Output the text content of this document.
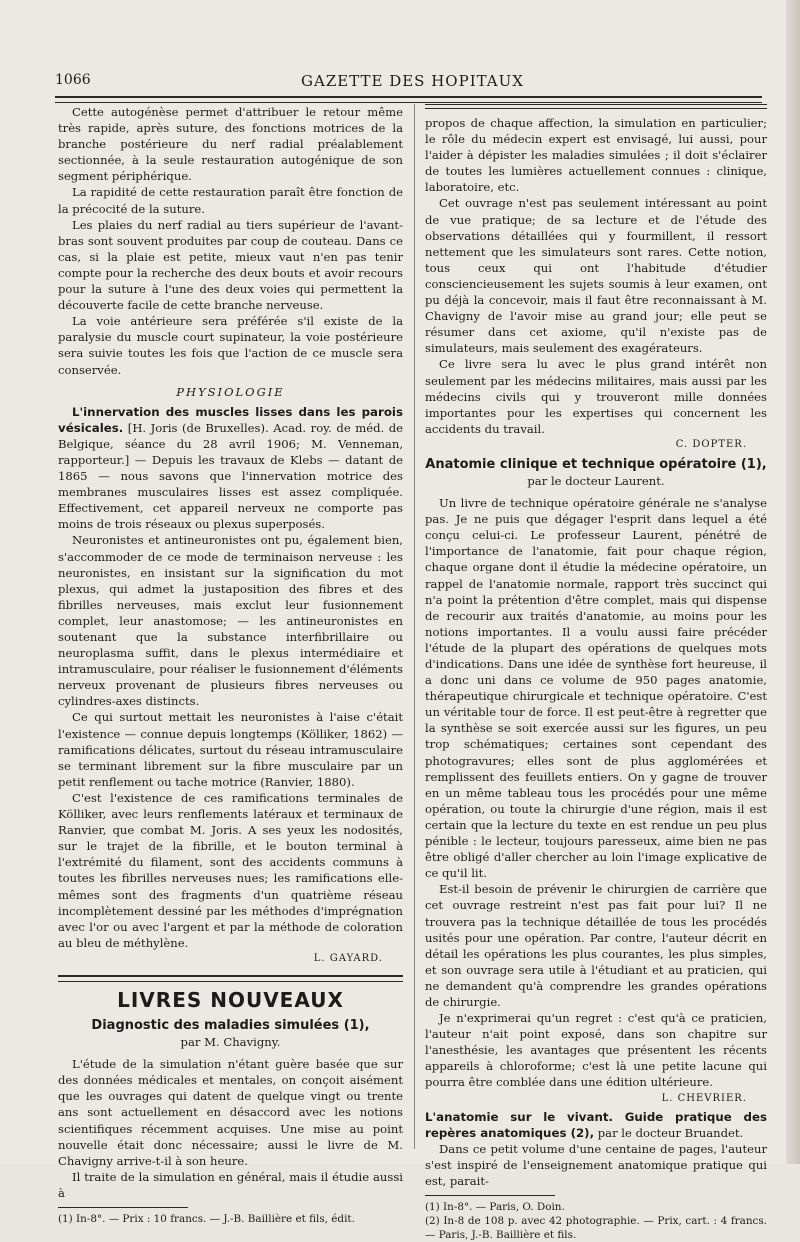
1066	GAZETTE DES HOPITAUX

Cette autogénèse permet d'attribuer le retour même très rapide, après suture, des fonctions motrices de la branche postérieure du nerf radial préalablement sectionnée, à la seule restauration autogénique de son segment périphérique.

La rapidité de cette restauration paraît être fonction de la précocité de la suture.

Les plaies du nerf radial au tiers supérieur de l'avant-bras sont souvent produites par coup de couteau. Dans ce cas, si la plaie est petite, mieux vaut n'en pas tenir compte pour la recherche des deux bouts et avoir recours pour la suture à l'une des deux voies qui permettent la découverte facile de cette branche nerveuse.

La voie antérieure sera préférée s'il existe de la paralysie du muscle court supinateur, la voie postérieure sera suivie toutes les fois que l'action de ce muscle sera conservée.

PHYSIOLOGIE

L'innervation des muscles lisses dans les parois vésicales. [H. Joris (de Bruxelles). Acad. roy. de méd. de Belgique, séance du 28 avril 1906; M. Venneman, rapporteur.] — Depuis les travaux de Klebs — datant de 1865 — nous savons que l'innervation motrice des membranes musculaires lisses est assez compliquée. Effectivement, cet appareil nerveux ne comporte pas moins de trois réseaux ou plexus superposés.

Neuronistes et antineuronistes ont pu, également bien, s'accommoder de ce mode de terminaison nerveuse : les neuronistes, en insistant sur la signification du mot plexus, qui admet la justaposition des fibres et des fibrilles nerveuses, mais exclut leur fusionnement complet, leur anastomose; — les antineuronistes en soutenant que la substance interfibrillaire ou neuroplasma suffit, dans le plexus intermédiaire et intramusculaire, pour réaliser le fusionnement d'éléments nerveux provenant de plusieurs fibres nerveuses ou cylindres-axes distincts.

Ce qui surtout mettait les neuronistes à l'aise c'était l'existence — connue depuis longtemps (Kölliker, 1862) — ramifications délicates, surtout du réseau intramusculaire se terminant librement sur la fibre musculaire par un petit renflement ou tache motrice (Ranvier, 1880).

C'est l'existence de ces ramifications terminales de Kölliker, avec leurs renflements latéraux et terminaux de Ranvier, que combat M. Joris. A ses yeux les nodosités, sur le trajet de la fibrille, et le bouton terminal à l'extrémité du filament, sont des accidents communs à toutes les fibrilles nerveuses nues; les ramifications elle-mêmes sont des fragments d'un quatrième réseau incomplètement dessiné par les méthodes d'imprégnation avec l'or ou avec l'argent et par la méthode de coloration au bleu de méthylène.

L. GAYARD.
LIVRES NOUVEAUX
Diagnostic des maladies simulées (1),
par M. Chavigny.

L'étude de la simulation n'étant guère basée que sur des données médicales et mentales, on conçoit aisément que les ouvrages qui datent de quelque vingt ou trente ans sont actuellement en désaccord avec les notions scientifiques récemment acquises. Une mise au point nouvelle était donc nécessaire; aussi le livre de M. Chavigny arrive-t-il à son heure.

Il traite de la simulation en général, mais il étudie aussi à

(1) In-8°. — Prix : 10 francs. — J.-B. Baillière et fils, édit.

propos de chaque affection, la simulation en particulier; le rôle du médecin expert est envisagé, lui aussi, pour l'aider à dépister les maladies simulées ; il doit s'éclairer de toutes les lumières actuellement connues : clinique, laboratoire, etc.

Cet ouvrage n'est pas seulement intéressant au point de vue pratique; de sa lecture et de l'étude des observations détaillées qui y fourmillent, il ressort nettement que les simulateurs sont rares. Cette notion, tous ceux qui ont l'habitude d'étudier consciencieusement les sujets soumis à leur examen, ont pu déjà la concevoir, mais il faut être reconnaissant à M. Chavigny de l'avoir mise au grand jour; elle peut se résumer dans cet axiome, qu'il n'existe pas de simulateurs, mais seulement des exagérateurs.

Ce livre sera lu avec le plus grand intérêt non seulement par les médecins militaires, mais aussi par les médecins civils qui y trouveront mille données importantes pour les expertises qui concernent les accidents du travail.

C. DOPTER.
Anatomie clinique et technique opératoire (1),
par le docteur Laurent.

Un livre de technique opératoire générale ne s'analyse pas. Je ne puis que dégager l'esprit dans lequel a été conçu celui-ci. Le professeur Laurent, pénétré de l'importance de l'anatomie, fait pour chaque région, chaque organe dont il étudie la médecine opératoire, un rappel de l'anatomie normale, rapport très succinct qui n'a point la prétention d'être complet, mais qui dispense de recourir aux traités d'anatomie, au moins pour les notions importantes. Il a voulu aussi faire précéder l'étude de la plupart des opérations de quelques mots d'indications. Dans une idée de synthèse fort heureuse, il a donc uni dans ce volume de 950 pages anatomie, thérapeutique chirurgicale et technique opératoire. C'est un véritable tour de force. Il est peut-être à regretter que la synthèse se soit exercée aussi sur les figures, un peu trop schématiques; certaines sont cependant des photogravures; elles sont de plus agglomérées et remplissent des feuillets entiers. On y gagne de trouver en un même tableau tous les procédés pour une même opération, ou toute la chirurgie d'une région, mais il est certain que la lecture du texte en est rendue un peu plus pénible : le lecteur, toujours paresseux, aime bien ne pas être obligé d'aller chercher au loin l'image explicative de ce qu'il lit.

Est-il besoin de prévenir le chirurgien de carrière que cet ouvrage restreint n'est pas fait pour lui? Il ne trouvera pas la technique détaillée de tous les procédés usités pour une opération. Par contre, l'auteur décrit en détail les opérations les plus courantes, les plus simples, et son ouvrage sera utile à l'étudiant et au praticien, qui ne demandent qu'à comprendre les grandes opérations de chirurgie.

Je n'exprimerai qu'un regret : c'est qu'à ce praticien, l'auteur n'ait point exposé, dans son chapitre sur l'anesthésie, les avantages que présentent les récents appareils à chloroforme; c'est là une petite lacune qui pourra être comblée dans une édition ultérieure.

L. CHEVRIER.

L'anatomie sur le vivant. Guide pratique des repères anatomiques (2), par le docteur Bruandet.

Dans ce petit volume d'une centaine de pages, l'auteur s'est inspiré de l'enseignement anatomique pratique qui est, parait-

(1) In-8°. — Paris, O. Doin.

(2) In-8 de 108 p. avec 42 photographie. — Prix, cart. : 4 francs. — Paris, J.-B. Baillière et fils.
